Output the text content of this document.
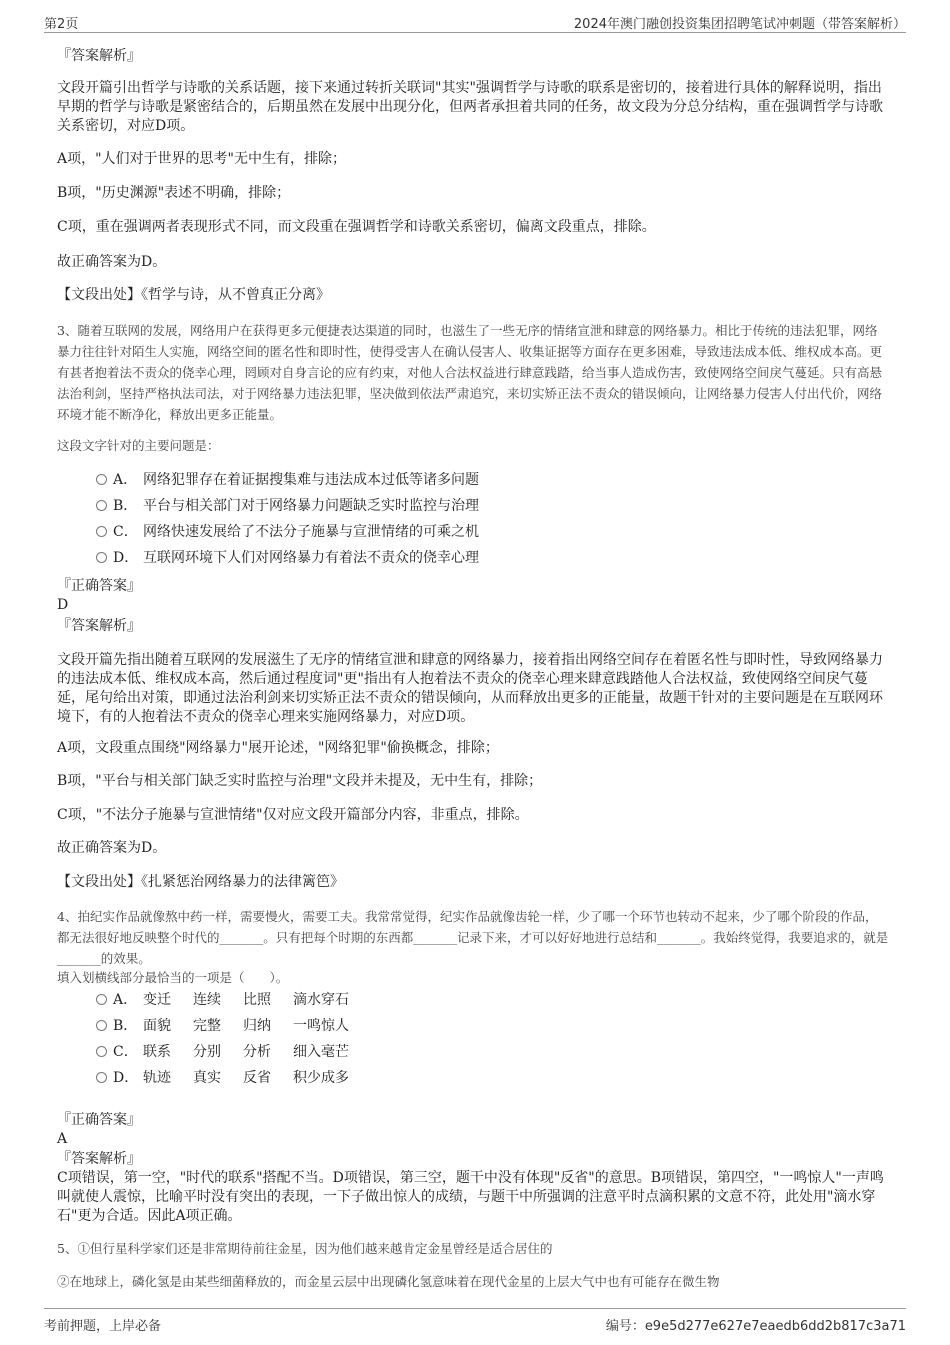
第2页	2024年澳门融创投资集团招聘笔试冲刺题（带答案解析）

『答案解析』

文段开篇引出哲学与诗歌的关系话题，接下来通过转折关联词"其实"强调哲学与诗歌的联系是密切的，接着进行具体的解释说明，指出早期的哲学与诗歌是紧密结合的，后期虽然在发展中出现分化，但两者承担着共同的任务，故文段为分总分结构，重在强调哲学与诗歌关系密切，对应D项。

A项，"人们对于世界的思考"无中生有，排除；

B项，"历史渊源"表述不明确，排除；

C项，重在强调两者表现形式不同，而文段重在强调哲学和诗歌关系密切，偏离文段重点，排除。

故正确答案为D。

【文段出处】《哲学与诗，从不曾真正分离》

3、随着互联网的发展，网络用户在获得更多元便捷表达渠道的同时，也滋生了一些无序的情绪宣泄和肆意的网络暴力。相比于传统的违法犯罪，网络暴力往往针对陌生人实施，网络空间的匿名性和即时性，使得受害人在确认侵害人、收集证据等方面存在更多困难，导致违法成本低、维权成本高。更有甚者抱着法不责众的侥幸心理，罔顾对自身言论的应有约束，对他人合法权益进行肆意践踏，给当事人造成伤害，致使网络空间戾气蔓延。只有高悬法治利剑，坚持严格执法司法，对于网络暴力违法犯罪，坚决做到依法严肃追究，来切实矫正法不责众的错误倾向，让网络暴力侵害人付出代价，网络环境才能不断净化，释放出更多正能量。

这段文字针对的主要问题是：

A． 网络犯罪存在着证据搜集难与违法成本过低等诸多问题
B． 平台与相关部门对于网络暴力问题缺乏实时监控与治理
C． 网络快速发展给了不法分子施暴与宣泄情绪的可乘之机
D． 互联网环境下人们对网络暴力有着法不责众的侥幸心理

『正确答案』

D

『答案解析』

文段开篇先指出随着互联网的发展滋生了无序的情绪宣泄和肆意的网络暴力，接着指出网络空间存在着匿名性与即时性，导致网络暴力的违法成本低、维权成本高，然后通过程度词"更"指出有人抱着法不责众的侥幸心理来肆意践踏他人合法权益，致使网络空间戾气蔓延，尾句给出对策，即通过法治利剑来切实矫正法不责众的错误倾向，从而释放出更多的正能量，故题干针对的主要问题是在互联网环境下，有的人抱着法不责众的侥幸心理来实施网络暴力，对应D项。

A项，文段重点围绕"网络暴力"展开论述，"网络犯罪"偷换概念，排除；

B项，"平台与相关部门缺乏实时监控与治理"文段并未提及，无中生有，排除；

C项，"不法分子施暴与宣泄情绪"仅对应文段开篇部分内容，非重点，排除。

故正确答案为D。

【文段出处】《扎紧惩治网络暴力的法律篱笆》

4、拍纪实作品就像熬中药一样，需要慢火，需要工夫。我常常觉得，纪实作品就像齿轮一样，少了哪一个环节也转动不起来，少了哪个阶段的作品，都无法很好地反映整个时代的_______。只有把每个时期的东西都_______记录下来，才可以好好地进行总结和_______。我始终觉得，我要追求的，就是_______的效果。

填入划横线部分最恰当的一项是（　　）。

A． 变迁 连续 比照 滴水穿石
B． 面貌 完整 归纳 一鸣惊人
C． 联系 分别 分析 细入毫芒
D． 轨迹 真实 反省 积少成多

『正确答案』

A

『答案解析』

C项错误，第一空，"时代的联系"搭配不当。D项错误，第三空，题干中没有体现"反省"的意思。B项错误，第四空，"一鸣惊人"一声鸣叫就使人震惊，比喻平时没有突出的表现，一下子做出惊人的成绩，与题干中所强调的注意平时点滴积累的文意不符，此处用"滴水穿石"更为合适。因此A项正确。

5、①但行星科学家们还是非常期待前往金星，因为他们越来越肯定金星曾经是适合居住的

②在地球上，磷化氢是由某些细菌释放的，而金星云层中出现磷化氢意味着在现代金星的上层大气中也有可能存在微生物

考前押题，上岸必备	编号：e9e5d277e627e7eaedb6dd2b817c3a71
